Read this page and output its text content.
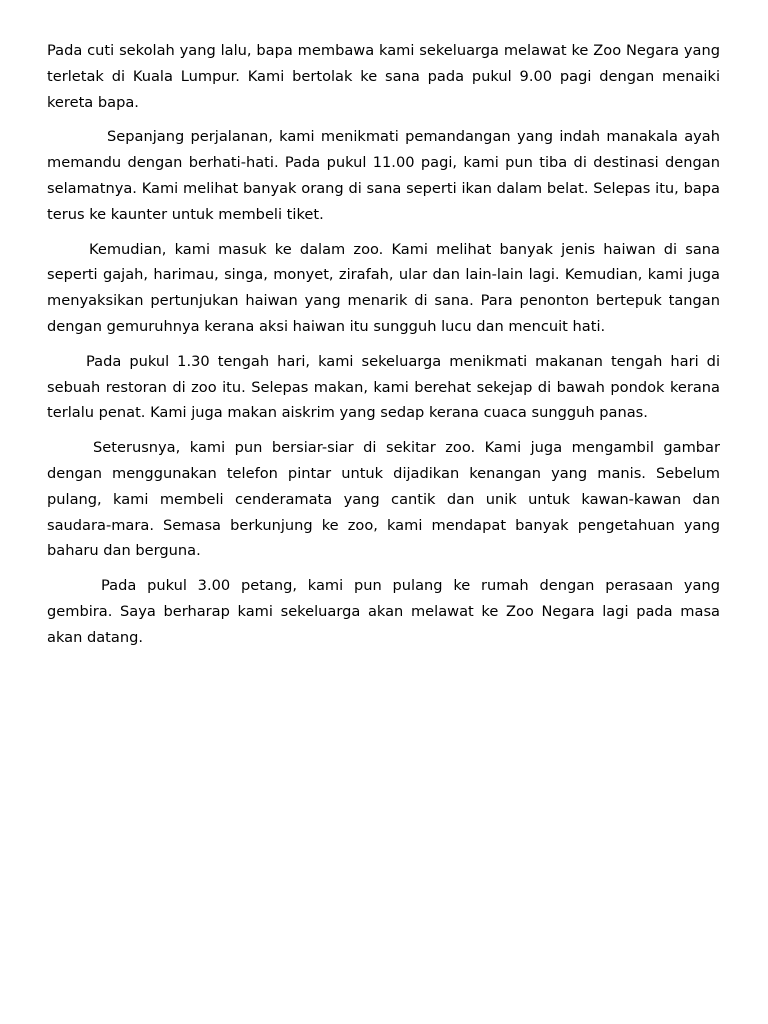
Pada cuti sekolah yang lalu, bapa membawa kami sekeluarga melawat ke Zoo Negara yang terletak di Kuala Lumpur. Kami bertolak ke sana pada pukul 9.00 pagi dengan menaiki kereta bapa.

Sepanjang perjalanan, kami menikmati pemandangan yang indah manakala ayah memandu dengan berhati-hati. Pada pukul 11.00 pagi, kami pun tiba di destinasi dengan selamatnya. Kami melihat banyak orang di sana seperti ikan dalam belat. Selepas itu, bapa terus ke kaunter untuk membeli tiket.

Kemudian, kami masuk ke dalam zoo. Kami melihat banyak jenis haiwan di sana seperti gajah, harimau, singa, monyet, zirafah, ular dan lain-lain lagi. Kemudian, kami juga menyaksikan pertunjukan haiwan yang menarik di sana. Para penonton bertepuk tangan dengan gemuruhnya kerana aksi haiwan itu sungguh lucu dan mencuit hati.

Pada pukul 1.30 tengah hari, kami sekeluarga menikmati makanan tengah hari di sebuah restoran di zoo itu. Selepas makan, kami berehat sekejap di bawah pondok kerana terlalu penat. Kami juga makan aiskrim yang sedap kerana cuaca sungguh panas.

Seterusnya, kami pun bersiar-siar di sekitar zoo. Kami juga mengambil gambar dengan menggunakan telefon pintar untuk dijadikan kenangan yang manis. Sebelum pulang, kami membeli cenderamata yang cantik dan unik untuk kawan-kawan dan saudara-mara. Semasa berkunjung ke zoo, kami mendapat banyak pengetahuan yang baharu dan berguna.

Pada pukul 3.00 petang, kami pun pulang ke rumah dengan perasaan yang gembira. Saya berharap kami sekeluarga akan melawat ke Zoo Negara lagi pada masa akan datang.
